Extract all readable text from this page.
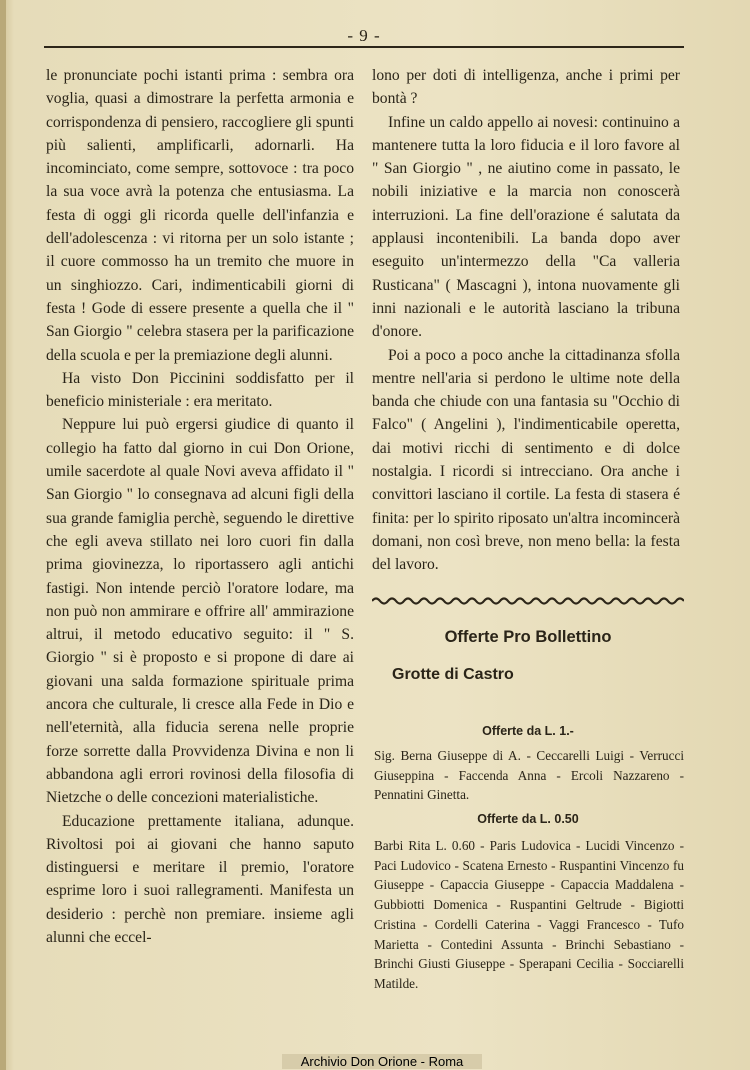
- 9 -

le pronunciate pochi istanti prima : sembra ora voglia, quasi a dimostrare la perfetta armonia e corrispondenza di pensiero, raccogliere gli spunti più salienti, amplificarli, adornarli. Ha incominciato, come sempre, sottovoce : tra poco la sua voce avrà la potenza che entusiasma. La festa di oggi gli ricorda quelle dell'infanzia e dell'adolescenza : vi ritorna per un solo istante ; il cuore commosso ha un tremito che muore in un singhiozzo. Cari, indimenticabili giorni di festa ! Gode di essere presente a quella che il " San Giorgio " celebra stasera per la parificazione della scuola e per la premiazione degli alunni.

Ha visto Don Piccinini soddisfatto per il beneficio ministeriale : era meritato.

Neppure lui può ergersi giudice di quanto il collegio ha fatto dal giorno in cui Don Orione, umile sacerdote al quale Novi aveva affidato il " San Giorgio " lo consegnava ad alcuni figli della sua grande famiglia perchè, seguendo le direttive che egli aveva stillato nei loro cuori fin dalla prima giovinezza, lo riportassero agli antichi fastigi. Non intende perciò l'oratore lodare, ma non può non ammirare e offrire all' ammirazione altrui, il metodo educativo seguito: il " S. Giorgio " si è proposto e si propone di dare ai giovani una salda formazione spirituale prima ancora che culturale, li cresce alla Fede in Dio e nell'eternità, alla fiducia serena nelle proprie forze sorrette dalla Provvidenza Divina e non li abbandona agli errori rovinosi della filosofia di Nietzche o delle concezioni materialistiche.

Educazione prettamente italiana, adunque. Rivoltosi poi ai giovani che hanno saputo distinguersi e meritare il premio, l'oratore esprime loro i suoi rallegramenti. Manifesta un desiderio : perchè non premiare. insieme agli alunni che eccel-

lono per doti di intelligenza, anche i primi per bontà ?

Infine un caldo appello ai novesi: continuino a mantenere tutta la loro fiducia e il loro favore al " San Giorgio " , ne aiutino come in passato, le nobili iniziative e la marcia non conoscerà interruzioni. La fine dell'orazione é salutata da applausi incontenibili. La banda dopo aver eseguito un'intermezzo della "Ca valleria Rusticana" ( Mascagni ), intona nuovamente gli inni nazionali e le autorità lasciano la tribuna d'onore.

Poi a poco a poco anche la cittadinanza sfolla mentre nell'aria si perdono le ultime note della banda che chiude con una fantasia su "Occhio di Falco" ( Angelini ), l'indimenticabile operetta, dai motivi ricchi di sentimento e di dolce nostalgia. I ricordi si intrecciano. Ora anche i convittori lasciano il cortile. La festa di stasera é finita: per lo spirito riposato un'altra incomincerà domani, non così breve, non meno bella: la festa del lavoro.

Offerte Pro Bollettino
Grotte di Castro
Offerte da L. 1.-
Sig. Berna Giuseppe di A. - Ceccarelli Luigi - Verrucci Giuseppina - Faccenda Anna - Ercoli Nazzareno - Pennatini Ginetta.
Offerte da L. 0.50
Barbi Rita L. 0.60 - Paris Ludovica - Lucidi Vincenzo - Paci Ludovico - Scatena Ernesto - Ruspantini Vincenzo fu Giuseppe - Capaccia Giuseppe - Capaccia Maddalena - Gubbiotti Domenica - Ruspantini Geltrude - Bigiotti Cristina - Cordelli Caterina - Vaggi Francesco - Tufo Marietta - Contedini Assunta - Brinchi Sebastiano - Brinchi Giusti Giuseppe - Sperapani Cecilia - Socciarelli Matilde.
Archivio Don Orione - Roma
